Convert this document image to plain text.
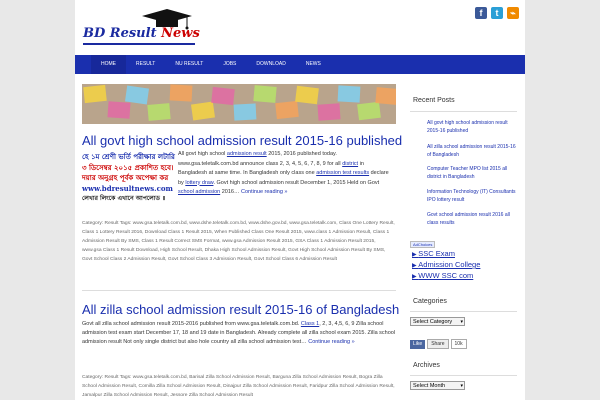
BD Result News
f	t	⌁
HOME	RESULT	NU RESULT	JOBS	DOWNLOAD	NEWS
All govt high school admission result 2015-16 published
হে ১ম শ্রেণী ভর্তি পরীক্ষার লটারি
৩ ডিসেম্বর ২০১৫ প্রকাশিত হবে।
দয়ার অনুগ্রহ পূর্বক অপেক্ষা কর
www.bdresultnews.com
লেখার লিংকে এখানে আপলোড ॥
All govt high school admission result 2015, 2016 published today. www.gsa.teletalk.com.bd announce class 2, 3, 4, 5, 6, 7, 8, 9 for all district in Bangladesh at same time. In Bangladesh only class one admission test results declare by lottery draw. Govt high school admission result December 1, 2015 Held on Govt school admission 2016… Continue reading »
Category: Result Tags: www.gsa.teletalk.com.bd, www.dshe.teletalk.com.bd, www.dshe.gov.bd, www.gsa.teletalk.com, Class One Lottery Result, Class 1 Lottery Result 2016, Download Class 1 Result 2015, When Published Class One Result 2015, www.class 1 Admission Result, Class 1 Admission Result By SMS, Class 1 Result Correct SMS Format, www.gsa Admission Result 2015, GSA Class 1 Admission Result 2015, www.gsa Class 1 Result Download, High School Result, Dhaka High School Admission Result, Govt High School Admission Result By SMS, Govt School Class 2 Admission Result, Govt School Class 3 Admission Result, Govt School Class 6 Admission Result
All zilla school admission result 2015-16 of Bangladesh
Govt all zilla school admission result 2015-2016 published from www.gsa.teletalk.com.bd. Class 1, 2, 3, 4,5, 6, 9 Zilla school admission test exam start December 17, 18 and 19 date in Bangladesh. Already complete all zilla school exam 2015. Zilla school admission result Not only single district but also hole country all zilla school admission test… Continue reading »
Category: Result Tags: www.gsa.teletalk.com.bd, Barisal Zilla School Admission Result, Barguna Zilla School Admission Result, Bogra Zilla School Admission Result, Comilla Zilla School Admission Result, Dinajpur Zilla School Admission Result, Faridpur Zilla School Admission Result, Jamalpur Zilla School Admission Result, Jessore Zilla School Admission Result
Recent Posts
All govt high school admission result 2015-16 published
All zilla school admission result 2015-16 of Bangladesh
Computer Teacher MPO list 2015 all district in Bangladesh
Information Technology (IT) Consultants IPO lottery result
Govt school admission result 2016 all class results
AdChoices
▶ SSC Exam
▶ Admission College
▶ WWW SSC com
Categories
Select Category ▾
Like	Share	10k
Archives
Select Month	▾
